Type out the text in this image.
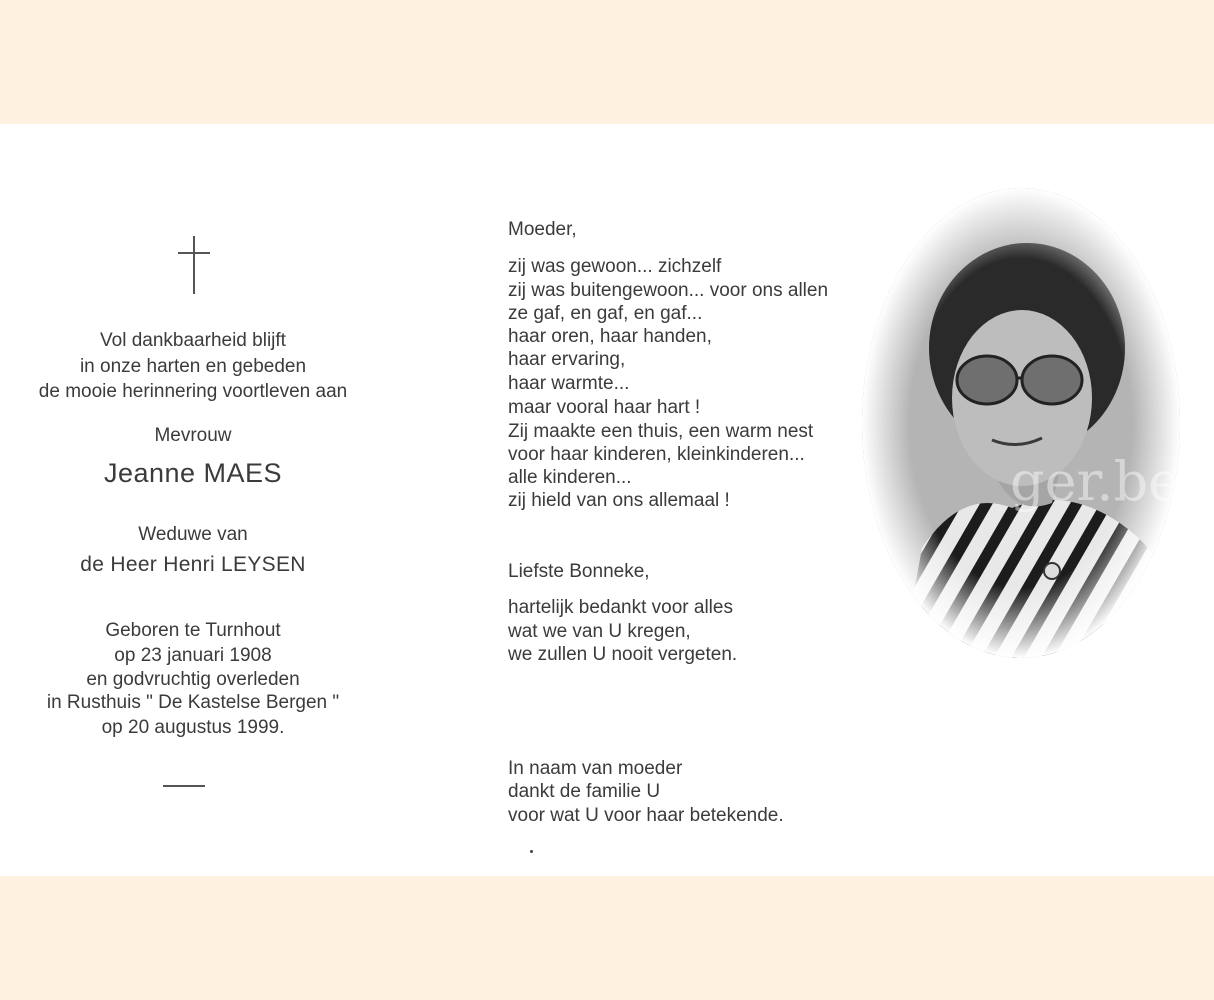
Vol dankbaarheid blijft
in onze harten en gebeden
de mooie herinnering voortleven aan
Mevrouw
Jeanne MAES
Weduwe van
de Heer Henri LEYSEN
Geboren te Turnhout
op 23 januari 1908
en godvruchtig overleden
in Rusthuis " De Kastelse Bergen "
op 20 augustus 1999.
Moeder,
zij was gewoon... zichzelf
zij was buitengewoon... voor ons allen
ze gaf, en gaf, en gaf...
haar oren, haar handen,
haar ervaring,
haar warmte...
maar vooral haar hart !
Zij maakte een thuis, een warm nest
voor haar kinderen, kleinkinderen...
alle kinderen...
zij hield van ons allemaal !
Liefste Bonneke,
hartelijk bedankt voor alles
wat we van U kregen,
we zullen U nooit vergeten.
In naam van moeder
dankt de familie U
voor wat U voor haar betekende.
ger.be
